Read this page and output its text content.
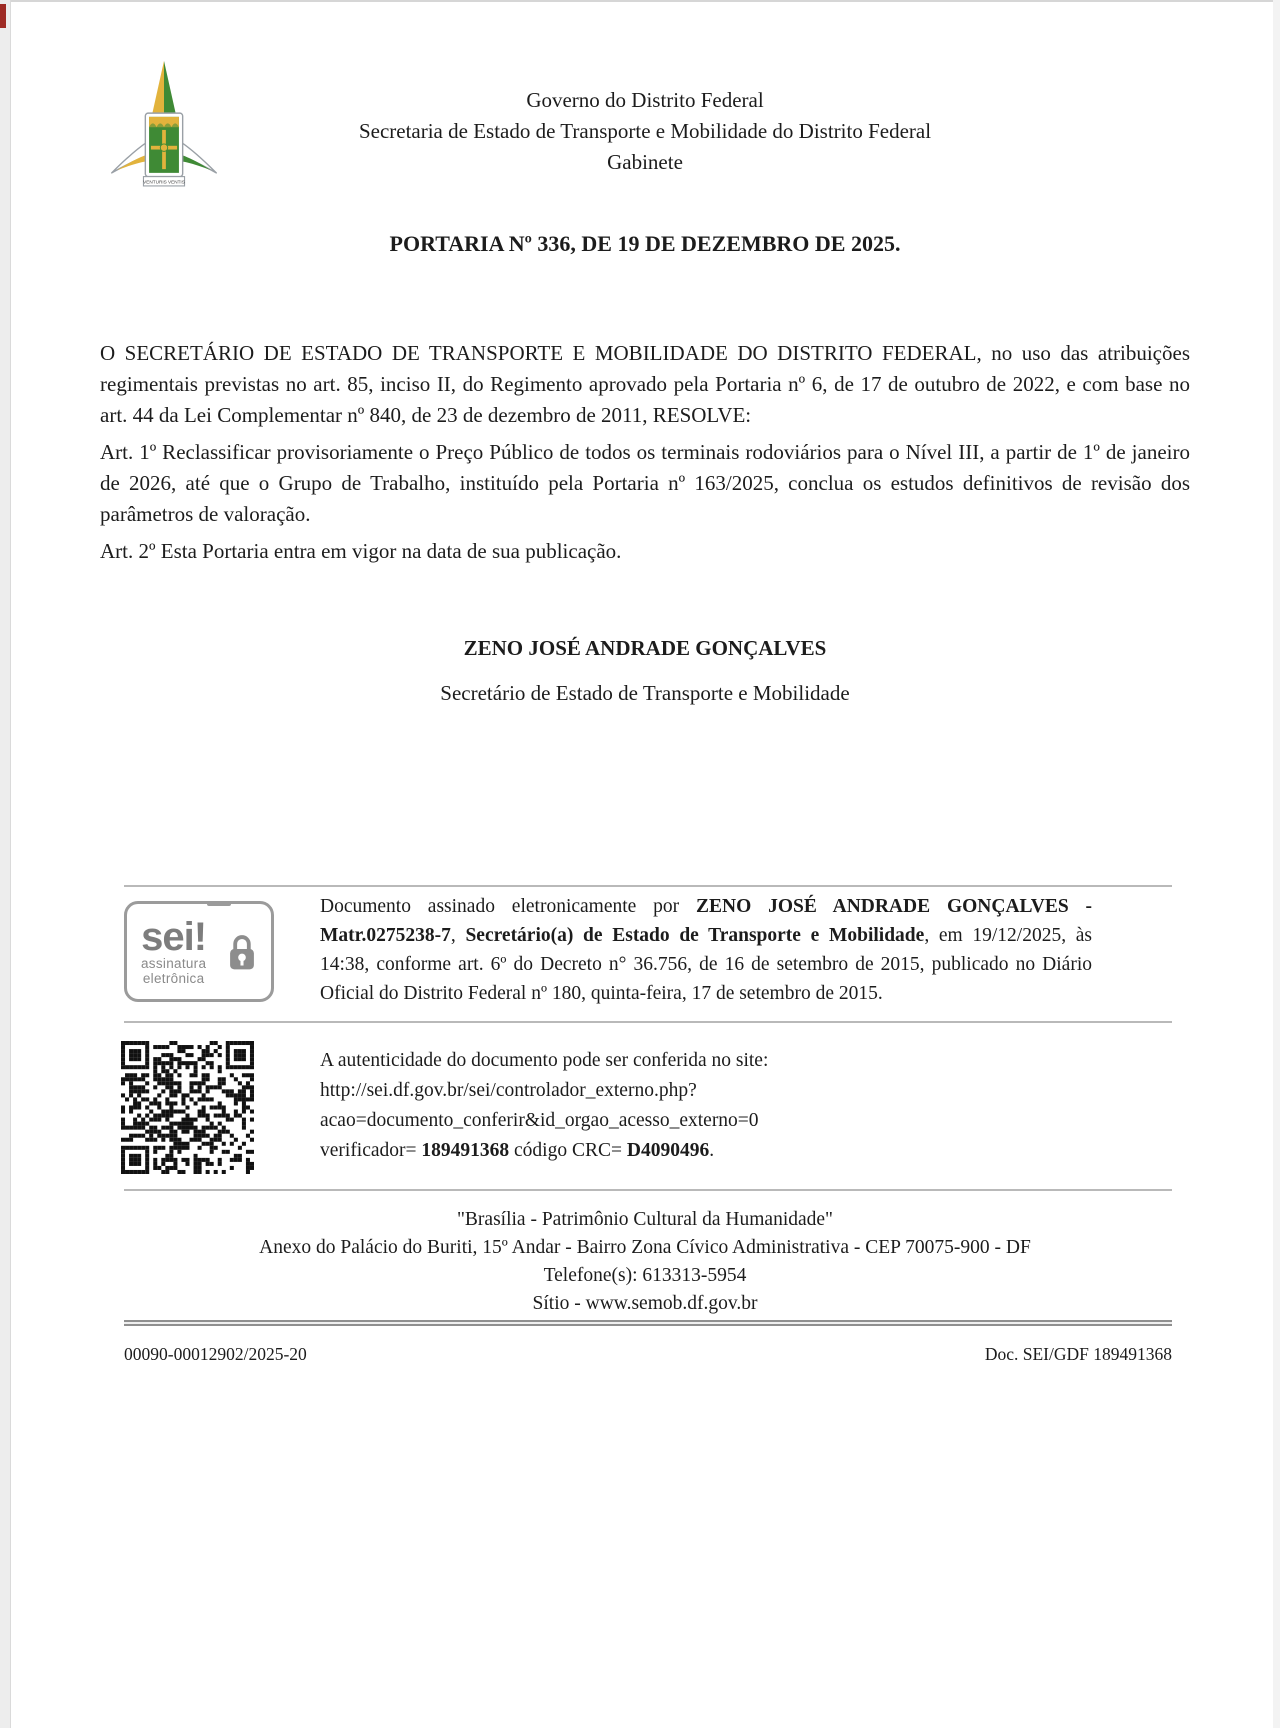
VENTURIS VENTIS
Governo do Distrito Federal
Secretaria de Estado de Transporte e Mobilidade do Distrito Federal
Gabinete
PORTARIA Nº 336, DE 19 DE DEZEMBRO DE 2025.

O SECRETÁRIO DE ESTADO DE TRANSPORTE E MOBILIDADE DO DISTRITO FEDERAL, no uso das atribuições regimentais previstas no art. 85, inciso II, do Regimento aprovado pela Portaria nº 6, de 17 de outubro de 2022, e com base no art. 44 da Lei Complementar nº 840, de 23 de dezembro de 2011, RESOLVE:

Art. 1º Reclassificar provisoriamente o Preço Público de todos os terminais rodoviários para o Nível III, a partir de 1º de janeiro de 2026, até que o Grupo de Trabalho, instituído pela Portaria nº 163/2025, conclua os estudos definitivos de revisão dos parâmetros de valoração.

Art. 2º Esta Portaria entra em vigor na data de sua publicação.

ZENO JOSÉ ANDRADE GONÇALVES
Secretário de Estado de Transporte e Mobilidade
sei!
assinatura
eletrônica
Documento assinado eletronicamente por ZENO JOSÉ ANDRADE GONÇALVES - Matr.0275238-7, Secretário(a) de Estado de Transporte e Mobilidade, em 19/12/2025, às 14:38, conforme art. 6º do Decreto n° 36.756, de 16 de setembro de 2015, publicado no Diário Oficial do Distrito Federal nº 180, quinta-feira, 17 de setembro de 2015.
A autenticidade do documento pode ser conferida no site:
http://sei.df.gov.br/sei/controlador_externo.php?
acao=documento_conferir&id_orgao_acesso_externo=0
verificador= 189491368 código CRC= D4090496.
"Brasília - Patrimônio Cultural da Humanidade"
Anexo do Palácio do Buriti, 15º Andar - Bairro Zona Cívico Administrativa - CEP 70075-900 - DF
Telefone(s): 613313-5954
Sítio - www.semob.df.gov.br
00090-00012902/2025-20	Doc. SEI/GDF 189491368
